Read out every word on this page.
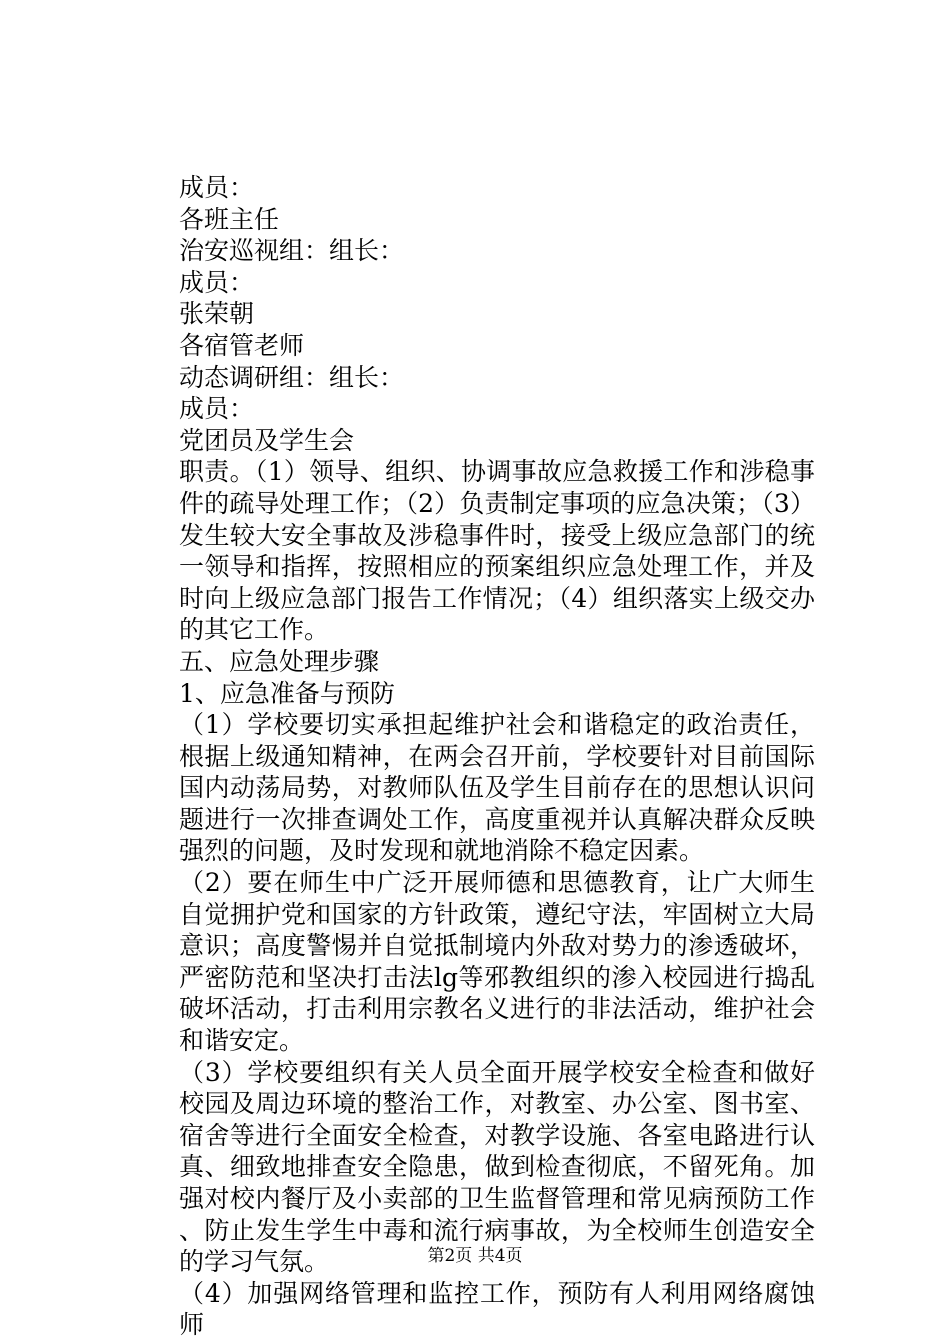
成员：
各班主任
治安巡视组：组长：
成员：
张荣朝
各宿管老师
动态调研组：组长：
成员：
党团员及学生会
职责。（1）领导、组织、协调事故应急救援工作和涉稳事件的疏导处理工作；（2）负责制定事项的应急决策；（3）发生较大安全事故及涉稳事件时，接受上级应急部门的统一领导和指挥，按照相应的预案组织应急处理工作，并及时向上级应急部门报告工作情况；（4）组织落实上级交办的其它工作。
五、应急处理步骤
1、应急准备与预防
（1）学校要切实承担起维护社会和谐稳定的政治责任，根据上级通知精神，在两会召开前，学校要针对目前国际国内动荡局势，对教师队伍及学生目前存在的思想认识问题进行一次排查调处工作，高度重视并认真解决群众反映强烈的问题，及时发现和就地消除不稳定因素。
（2）要在师生中广泛开展师德和思德教育，让广大师生自觉拥护党和国家的方针政策，遵纪守法，牢固树立大局意识；高度警惕并自觉抵制境内外敌对势力的渗透破坏，严密防范和坚决打击法lg等邪教组织的渗入校园进行捣乱破坏活动，打击利用宗教名义进行的非法活动，维护社会和谐安定。
（3）学校要组织有关人员全面开展学校安全检查和做好校园及周边环境的整治工作，对教室、办公室、图书室、宿舍等进行全面安全检查，对教学设施、各室电路进行认真、细致地排查安全隐患，做到检查彻底，不留死角。加强对校内餐厅及小卖部的卫生监督管理和常见病预防工作、防止发生学生中毒和流行病事故，为全校师生创造安全的学习气氛。
（4）加强网络管理和监控工作，预防有人利用网络腐蚀师
第2页 共4页
